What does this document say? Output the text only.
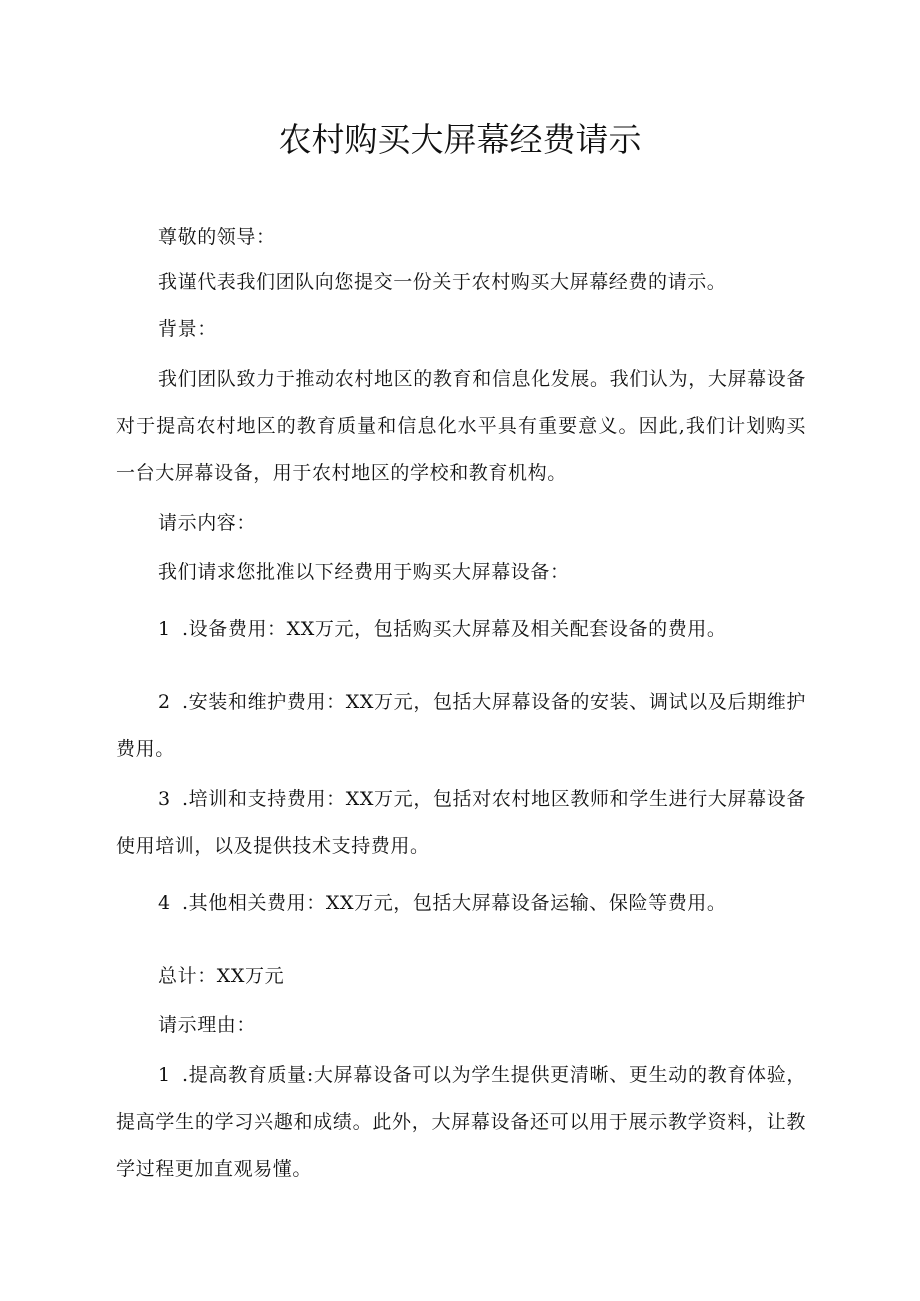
农村购买大屏幕经费请示

尊敬的领导：

我谨代表我们团队向您提交一份关于农村购买大屏幕经费的请示。

背景：

我们团队致力于推动农村地区的教育和信息化发展。我们认为，大屏幕设备对于提高农村地区的教育质量和信息化水平具有重要意义。因此,我们计划购买一台大屏幕设备，用于农村地区的学校和教育机构。

请示内容：

我们请求您批准以下经费用于购买大屏幕设备：

1 .设备费用：XX万元，包括购买大屏幕及相关配套设备的费用。

2 .安装和维护费用：XX万元，包括大屏幕设备的安装、调试以及后期维护费用。

3 .培训和支持费用：XX万元，包括对农村地区教师和学生进行大屏幕设备使用培训，以及提供技术支持费用。

4 .其他相关费用：XX万元，包括大屏幕设备运输、保险等费用。

总计：XX万元

请示理由：

1 .提高教育质量:大屏幕设备可以为学生提供更清晰、更生动的教育体验，提高学生的学习兴趣和成绩。此外，大屏幕设备还可以用于展示教学资料，让教学过程更加直观易懂。
